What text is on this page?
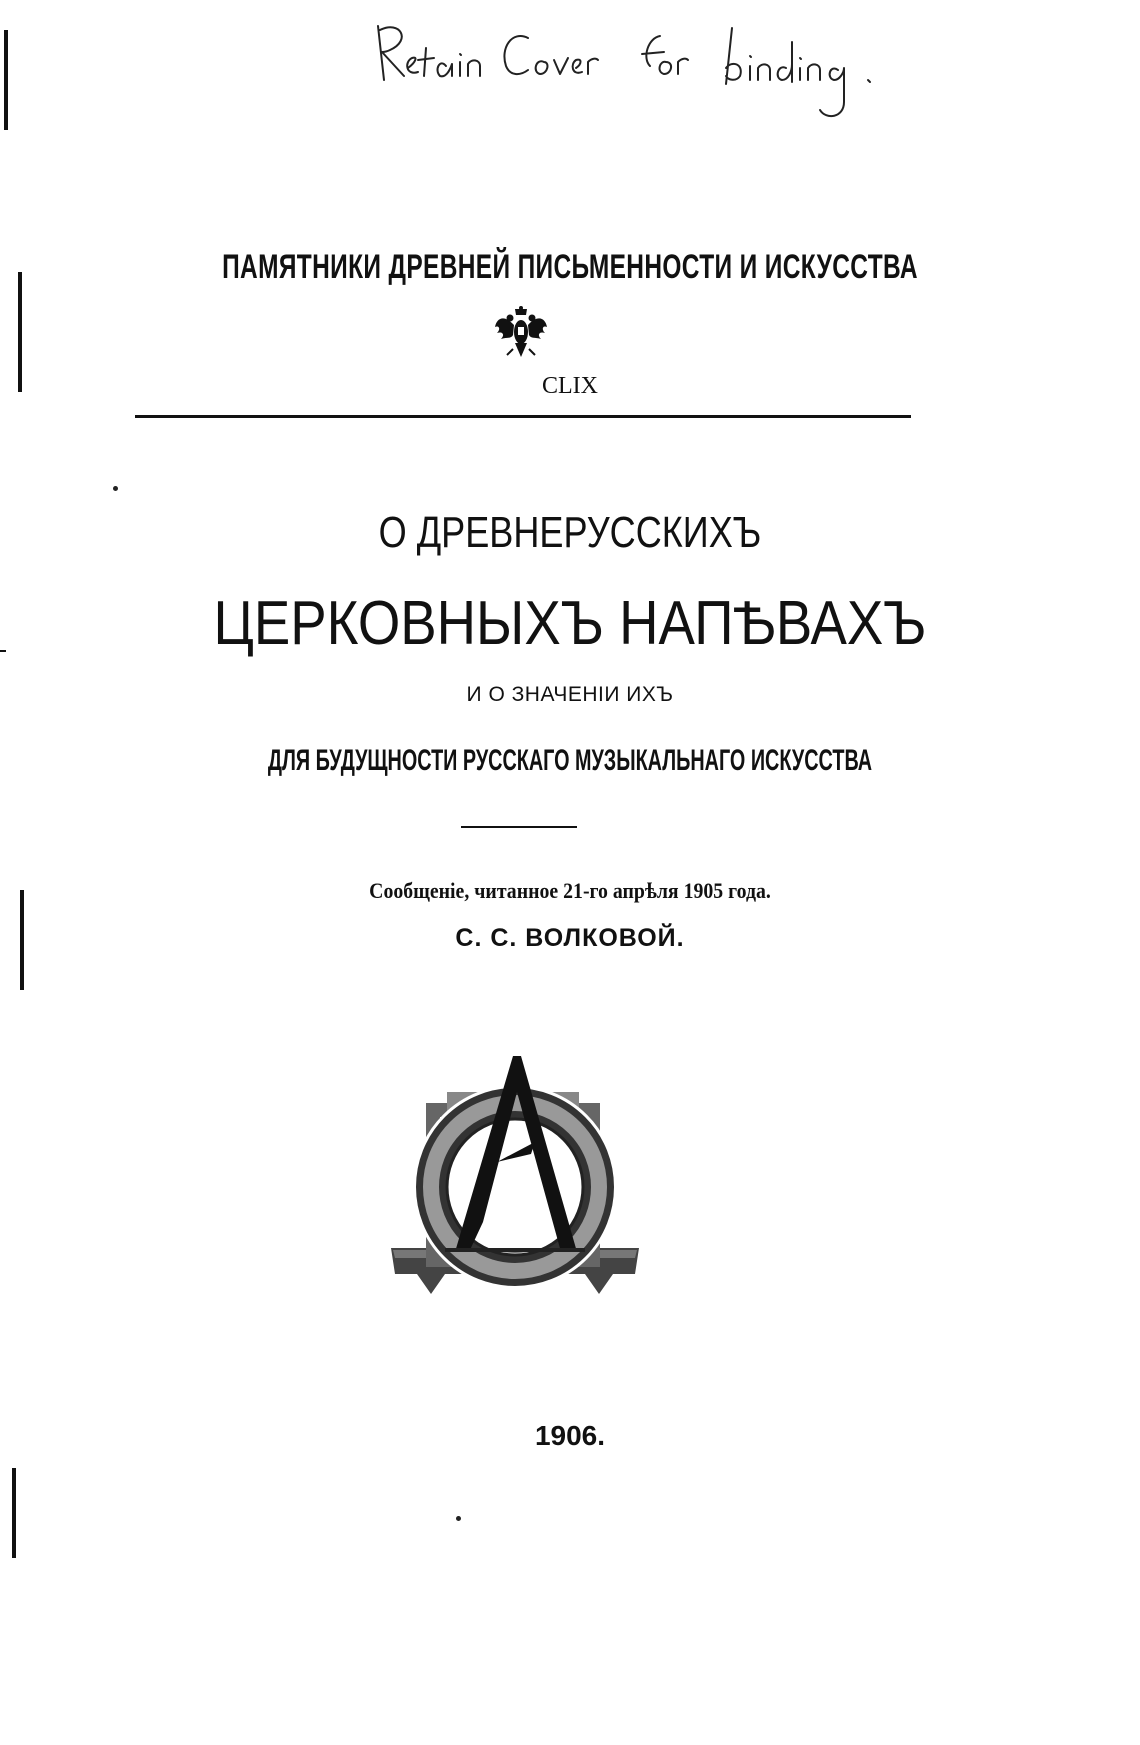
ПАМЯТНИКИ ДРЕВНЕЙ ПИСЬМЕННОСТИ И ИСКУССТВА
CLIX
О ДРЕВНЕРУССКИХЪ
ЦЕРКОВНЫХЪ НАПѢВАХЪ
И О ЗНАЧЕНІИ ИХЪ
ДЛЯ БУДУЩНОСТИ РУССКАГО МУЗЫКАЛЬНАГО ИСКУССТВА
Сообщеніе, читанное 21-го апрѣля 1905 года.
С. С. ВОЛКОВОЙ.
1906.
